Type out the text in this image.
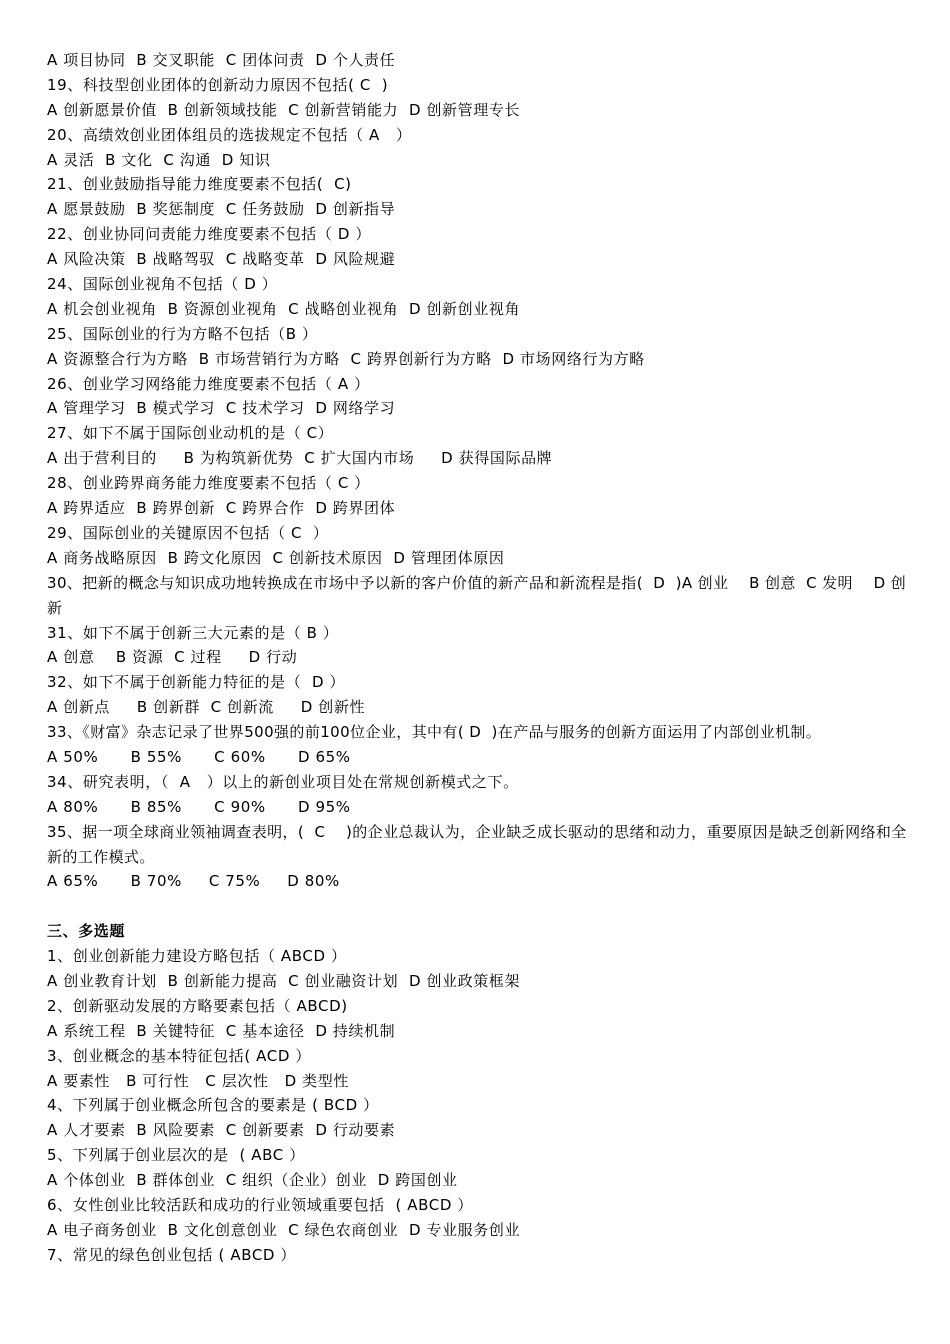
A 项目协同  B 交叉职能  C 团体问责  D 个人责任
19、科技型创业团体的创新动力原因不包括( C  )
A 创新愿景价值  B 创新领域技能  C 创新营销能力  D 创新管理专长
20、高绩效创业团体组员的选拔规定不包括（ A   ）
A 灵活  B 文化  C 沟通  D 知识
21、创业鼓励指导能力维度要素不包括(  C)
A 愿景鼓励  B 奖惩制度  C 任务鼓励  D 创新指导
22、创业协同问责能力维度要素不包括（ D ）
A 风险决策  B 战略驾驭  C 战略变革  D 风险规避
24、国际创业视角不包括（ D ）
A 机会创业视角  B 资源创业视角  C 战略创业视角  D 创新创业视角
25、国际创业的行为方略不包括（B ）
A 资源整合行为方略  B 市场营销行为方略  C 跨界创新行为方略  D 市场网络行为方略
26、创业学习网络能力维度要素不包括（ A ）
A 管理学习  B 模式学习  C 技术学习  D 网络学习
27、如下不属于国际创业动机的是（ C）
A 出于营利目的     B 为构筑新优势  C 扩大国内市场     D 获得国际品牌
28、创业跨界商务能力维度要素不包括（ C ）
A 跨界适应  B 跨界创新  C 跨界合作  D 跨界团体
29、国际创业的关键原因不包括（ C  ）
A 商务战略原因  B 跨文化原因  C 创新技术原因  D 管理团体原因
30、把新的概念与知识成功地转换成在市场中予以新的客户价值的新产品和新流程是指(  D  )A 创业    B 创意  C 发明    D 创新
31、如下不属于创新三大元素的是（ B ）
A 创意    B 资源  C 过程     D 行动
32、如下不属于创新能力特征的是（  D ）
A 创新点     B 创新群  C 创新流     D 创新性
33、《财富》杂志记录了世界500强的前100位企业，其中有( D  )在产品与服务的创新方面运用了内部创业机制。
A 50%      B 55%      C 60%      D 65%
34、研究表明，（  A   ）以上的新创业项目处在常规创新模式之下。
A 80%      B 85%      C 90%      D 95%
35、据一项全球商业领袖调查表明，(  C    )的企业总裁认为，企业缺乏成长驱动的思绪和动力，重要原因是缺乏创新网络和全新的工作模式。
A 65%      B 70%     C 75%     D 80%
三、多选题
1、创业创新能力建设方略包括（ ABCD ）
A 创业教育计划  B 创新能力提高  C 创业融资计划  D 创业政策框架
2、创新驱动发展的方略要素包括（ ABCD)
A 系统工程  B 关键特征  C 基本途径  D 持续机制
3、创业概念的基本特征包括( ACD ）
A 要素性   B 可行性   C 层次性   D 类型性
4、下列属于创业概念所包含的要素是 ( BCD ）
A 人才要素  B 风险要素  C 创新要素  D 行动要素
5、下列属于创业层次的是  ( ABC ）
A 个体创业  B 群体创业  C 组织（企业）创业  D 跨国创业
6、女性创业比较活跃和成功的行业领域重要包括  ( ABCD ）
A 电子商务创业  B 文化创意创业  C 绿色农商创业  D 专业服务创业
7、常见的绿色创业包括 ( ABCD ）
